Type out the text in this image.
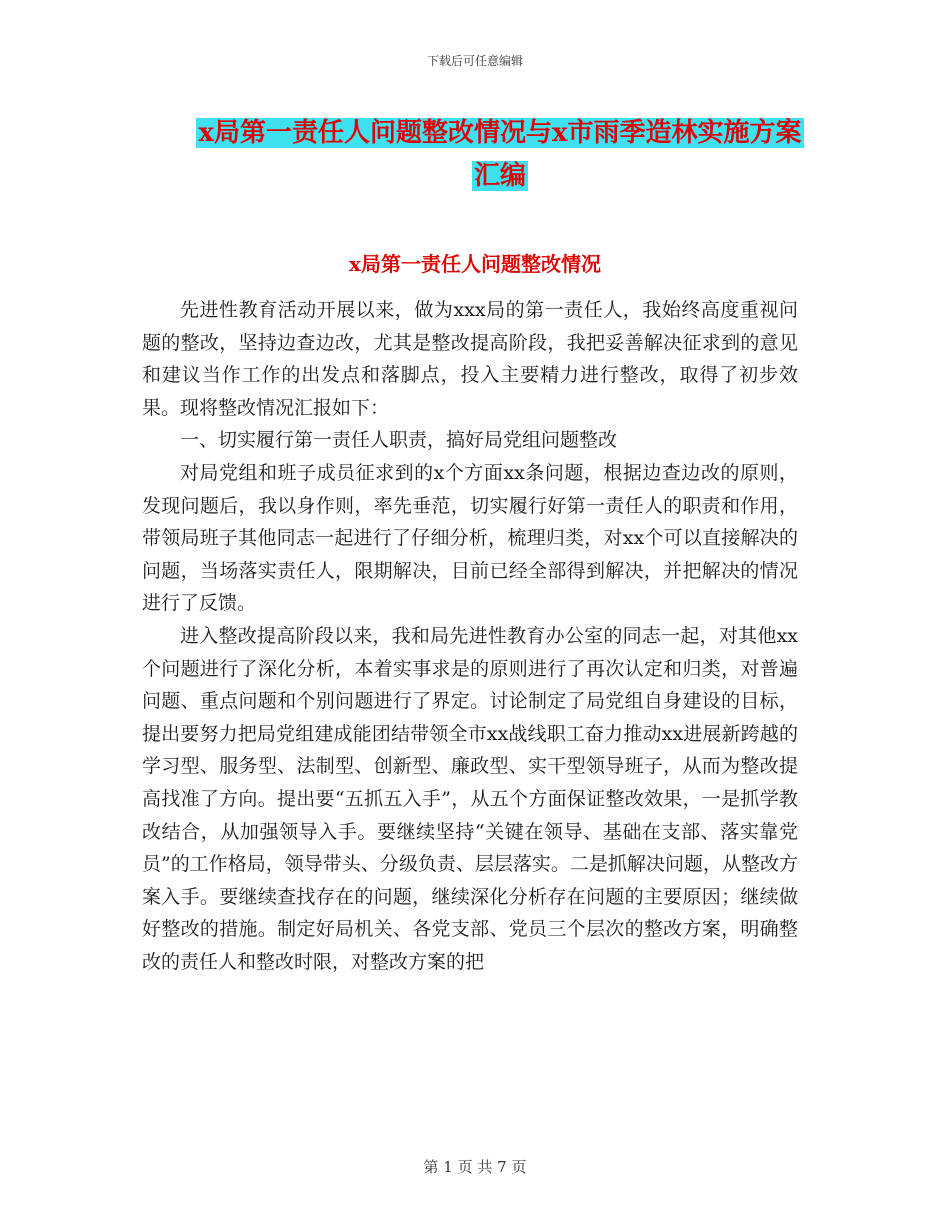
下载后可任意编辑
x局第一责任人问题整改情况与x市雨季造林实施方案
汇编
x局第一责任人问题整改情况

先进性教育活动开展以来，做为xxx局的第一责任人，我始终高度重视问题的整改，坚持边查边改，尤其是整改提高阶段，我把妥善解决征求到的意见和建议当作工作的出发点和落脚点，投入主要精力进行整改，取得了初步效果。现将整改情况汇报如下：

一、切实履行第一责任人职责，搞好局党组问题整改

对局党组和班子成员征求到的x个方面xx条问题，根据边查边改的原则，发现问题后，我以身作则，率先垂范，切实履行好第一责任人的职责和作用，带领局班子其他同志一起进行了仔细分析，梳理归类，对xx个可以直接解决的问题，当场落实责任人，限期解决，目前已经全部得到解决，并把解决的情况进行了反馈。

进入整改提高阶段以来，我和局先进性教育办公室的同志一起，对其他xx个问题进行了深化分析，本着实事求是的原则进行了再次认定和归类，对普遍问题、重点问题和个别问题进行了界定。讨论制定了局党组自身建设的目标，提出要努力把局党组建成能团结带领全市xx战线职工奋力推动xx进展新跨越的学习型、服务型、法制型、创新型、廉政型、实干型领导班子，从而为整改提高找准了方向。提出要“五抓五入手”，从五个方面保证整改效果，一是抓学教改结合，从加强领导入手。要继续坚持“关键在领导、基础在支部、落实靠党员”的工作格局，领导带头、分级负责、层层落实。二是抓解决问题，从整改方案入手。要继续查找存在的问题，继续深化分析存在问题的主要原因；继续做好整改的措施。制定好局机关、各党支部、党员三个层次的整改方案，明确整改的责任人和整改时限，对整改方案的把

第 1 页 共 7 页
